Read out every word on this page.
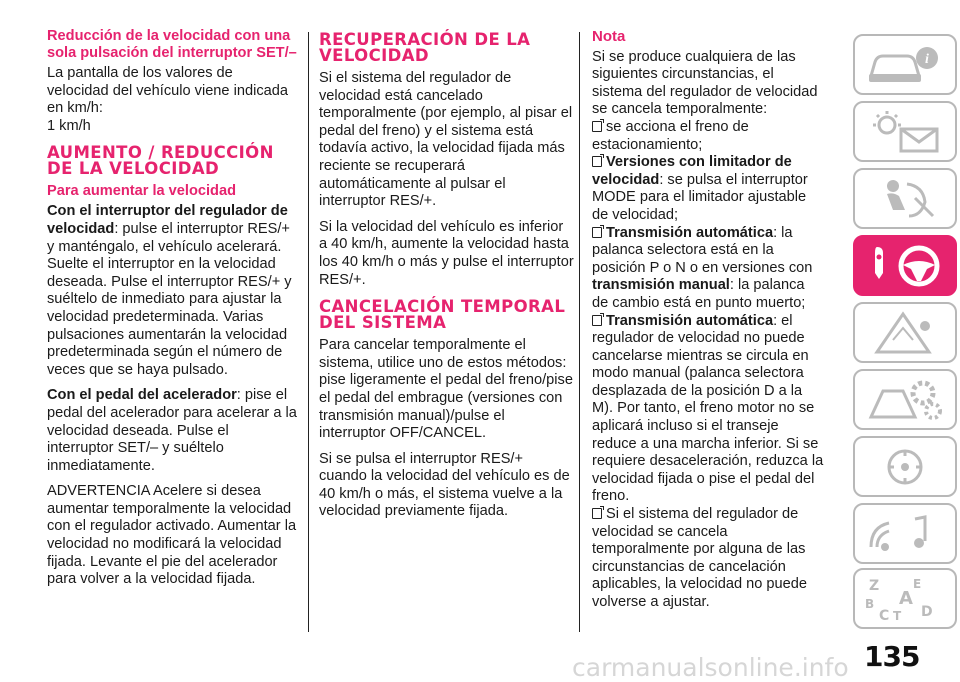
Reducción de la velocidad con una sola pulsación del interruptor SET/–

La pantalla de los valores de velocidad del vehículo viene indicada en km/h:

1 km/h

AUMENTO / REDUCCIÓN DE LA VELOCIDAD
Para aumentar la velocidad

Con el interruptor del regulador de velocidad: pulse el interruptor RES/+ y manténgalo, el vehículo acelerará. Suelte el interruptor en la velocidad deseada. Pulse el interruptor RES/+ y suéltelo de inmediato para ajustar la velocidad predeterminada. Varias pulsaciones aumentarán la velocidad predeterminada según el número de veces que se haya pulsado.

Con el pedal del acelerador: pise el pedal del acelerador para acelerar a la velocidad deseada. Pulse el interruptor SET/– y suéltelo inmediatamente.

ADVERTENCIA Acelere si desea aumentar temporalmente la velocidad con el regulador activado. Aumentar la velocidad no modificará la velocidad fijada. Levante el pie del acelerador para volver a la velocidad fijada.

RECUPERACIÓN DE LA VELOCIDAD

Si el sistema del regulador de velocidad está cancelado temporalmente (por ejemplo, al pisar el pedal del freno) y el sistema está todavía activo, la velocidad fijada más reciente se recuperará automáticamente al pulsar el interruptor RES/+.

Si la velocidad del vehículo es inferior a 40 km/h, aumente la velocidad hasta los 40 km/h o más y pulse el interruptor RES/+.

CANCELACIÓN TEMPORAL DEL SISTEMA

Para cancelar temporalmente el sistema, utilice uno de estos métodos: pise ligeramente el pedal del freno/pise el pedal del embrague (versiones con transmisión manual)/pulse el interruptor OFF/CANCEL.

Si se pulsa el interruptor RES/+ cuando la velocidad del vehículo es de 40 km/h o más, el sistema vuelve a la velocidad previamente fijada.

Nota

Si se produce cualquiera de las siguientes circunstancias, el sistema del regulador de velocidad se cancela temporalmente:

se acciona el freno de estacionamiento;

Versiones con limitador de velocidad: se pulsa el interruptor MODE para el limitador ajustable de velocidad;

Transmisión automática: la palanca selectora está en la posición P o N o en versiones con transmisión manual: la palanca de cambio está en punto muerto;

Transmisión automática: el regulador de velocidad no puede cancelarse mientras se circula en modo manual (palanca selectora desplazada de la posición D a la M). Por tanto, el freno motor no se aplicará incluso si el transeje reduce a una marcha inferior. Si se requiere desaceleración, reduzca la velocidad fijada o pise el pedal del freno.

Si el sistema del regulador de velocidad se cancela temporalmente por alguna de las circunstancias de cancelación aplicables, la velocidad no puede volverse a ajustar.

i
Z	E
A
B
C T D
135
carmanualsonline.info
